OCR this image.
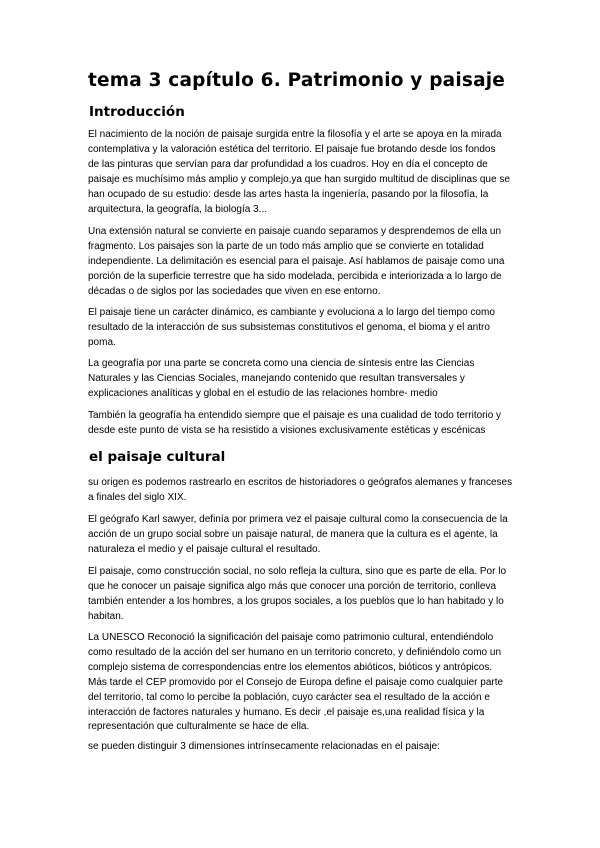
tema 3 capítulo 6. Patrimonio y paisaje
Introducción
El nacimiento de la noción de paisaje surgida entre la filosofía y el arte se apoya en la mirada
contemplativa y la valoración estética del territorio. El paisaje fue brotando desde los fondos
de las pinturas que servían para dar profundidad a los cuadros. Hoy en día el concepto de
paisaje es muchísimo más amplio y complejo,ya que han surgido multitud de disciplinas que se
han ocupado de su estudio: desde las artes hasta la ingeniería, pasando por la filosofía, la
arquitectura, la geografía, la biología 3...
Una extensión natural se convierte en paisaje cuando separamos y desprendemos de ella un
fragmento. Los paisajes son la parte de un todo más amplio que se convierte en totalidad
independiente. La delimitación es esencial para el paisaje. Así hablamos de paisaje como una
porción de la superficie terrestre que ha sido modelada, percibida e interiorizada a lo largo de
décadas o de siglos por las sociedades que viven en ese entorno.
El paisaje tiene un carácter dinámico, es cambiante y evoluciona a lo largo del tiempo como
resultado de la interacción de sus subsistemas constitutivos el genoma, el bioma y el antro
poma.
La geografía por una parte se concreta como una ciencia de síntesis entre las Ciencias
Naturales y las Ciencias Sociales, manejando contenido que resultan transversales y
explicaciones analíticas y global en el estudio de las relaciones hombre- medio
También la geografía ha entendido siempre que el paisaje es una cualidad de todo territorio y
desde este punto de vista se ha resistido a visiones exclusivamente estéticas y escénicas
el paisaje cultural
su origen es podemos rastrearlo en escritos de historiadores o geógrafos alemanes y franceses
a finales del siglo XIX.
El geógrafo Karl sawyer, definía por primera vez el paisaje cultural como la consecuencia de la
acción de un grupo social sobre un paisaje natural, de manera que la cultura es el agente, la
naturaleza el medio y el paisaje cultural el resultado.
El paisaje, como construcción social, no solo refleja la cultura, sino que es parte de ella. Por lo
que he conocer un paisaje significa algo más que conocer una porción de territorio, conlleva
también entender a los hombres, a los grupos sociales, a los pueblos que lo han habitado y lo
habitan.
La UNESCO Reconoció la significación del paisaje como patrimonio cultural, entendiéndolo
como resultado de la acción del ser humano en un territorio concreto, y definiéndolo como un
complejo sistema de correspondencias entre los elementos abióticos, bióticos y antrópicos.
Más tarde el CEP promovido por el Consejo de Europa define el paisaje como cualquier parte
del territorio, tal como lo percibe la población, cuyo carácter sea el resultado de la acción e
interacción de factores naturales y humano. Es decir ,el paisaje es,una realidad física y la
representación que culturalmente se hace de ella.
se pueden distinguir 3 dimensiones intrínsecamente relacionadas en el paisaje:
